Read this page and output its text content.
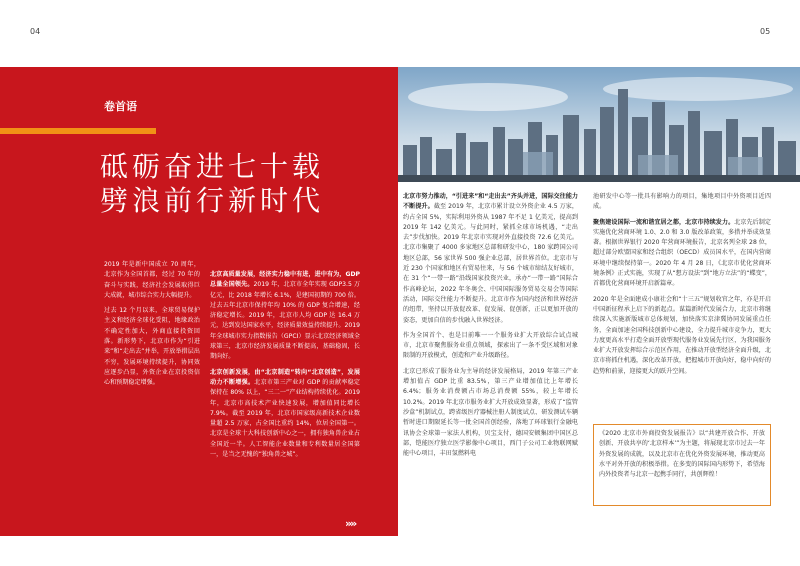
04	05
卷首语
砥砺奋进七十载
劈浪前行新时代

2019 年是新中国成立 70 周年，北京作为全国首都，经过 70 年的奋斗与实践，经济社会发展取得巨大成就，城市综合实力大幅提升。

过去 12 个月以来，全球贸易保护主义和经济全球化受阻，地缘政治不确定性加大，外商直接投资回落。新形势下，北京市作为“引进来”和“走出去”并举，开放举措层出不穷，发展环境持续提升，协同效应逐步凸显，外资企业在京投资信心和预期稳定增强。

北京高质量发展，经济实力稳中有进，进中有为，GDP 总量全国领先。2019 年，北京市全年实现 GDP3.5 万亿元，比 2018 年增长 6.1%，是建国初期的 700 倍。过去五年北京市保持年均 10% 的 GDP 复合增速，经济稳定增长。2019 年，北京市人均 GDP 达 16.4 万元，达到发达国家水平，经济质量效益持续提升。2019 年全球城市实力指数报告（GPCI）显示北京经济领域全球第三，北京市经济发展质量不断提高，基础稳固，长期向好。

北京创新发展，由“北京制造”转向“北京创造”，发展动力不断增强。北京市第三产业对 GDP 的贡献率稳定保持在 80% 以上，“三二一”产业结构持续优化。2019 年，北京市高技术产业快速发展，增加值同比增长 7.9%。截至 2019 年，北京市国家级高新技术企业数量超 2.5 万家，占全国比重约 14%，位居全国第一。北京是全球十大科技创新中心之一，拥有独角兽企业占全国近一半。人工智能企业数量和专利数量居全国第一，是当之无愧的“独角兽之城”。

»»

北京市努力推动，“引进来”和“走出去”齐头并进，国际交往能力不断提升。截至 2019 年，北京市累计设立外资企业 4.5 万家，约占全国 5%，实际利用外资从 1987 年不足 1 亿美元，提高到 2019 年 142 亿美元。与此同时，紧抓全球市场机遇，“走出去”步伐加快。2019 年北京市实现对外直接投资 72.6 亿美元。北京市集聚了 4000 多家地区总部和研发中心，180 家跨国公司地区总部，56 家世界 500 强企业总部，居世界首位。北京市与近 230 个国家和地区有贸易往来，与 56 个城市缔结友好城市，在 31 个“一带一路”沿线国家投资兴业，承办“一带一路”国际合作高峰论坛，2022 年冬奥会、中国国际服务贸易交易会等国际活动，国际交往能力不断提升。北京市作为国内经济和世界经济的纽带，坚持以开放促改革、促发展、促创新，正以更加开放的姿态，更加自信的步伐融入世界经济。

作为全国首个、也是目前唯一一个服务业扩大开放综合试点城市，北京市聚焦服务业重点领域，探索出了一条不受区域和对象限制的开放模式，创造和产业升级路径。

北京已形成了服务业为主导的经济发展格局，2019 年第三产业增加值占 GDP 比重 83.5%，第三产业增加值比上年增长 6.4%；服务业消费额占市场总消费额 55%，较上年增长 10.2%。2019 年北京市服务业扩大开放成效显著，形成了“监管沙盒”机制试点，跨省级医疗器械注册人制度试点、研发测试车辆暂时进口期限延长等一批全国首创经验，落地了环球银行金融电讯协会全球第一家法人机构，贝宝支付，德国安顿集团中国区总部，铠能医疗独立医学影像中心项目，西门子公司工业物联网赋能中心项目，丰田氢燃料电

池研发中心等一批具有影响力的项目，集地项目中外资项目近四成。

聚焦建设国际一流和谐宜居之都，北京市持续发力。北京先后制定实施优化营商环境 1.0、2.0 和 3.0 版改革政策，多措并举成效显著。根据世界银行 2020 年营商环境报告，北京名列全球 28 位，超过部分欧盟国家和经合组织（OECD）成员国水平，在国内营商环境中继续保持第一。2020 年 4 月 28 日，《北京市优化营商环境条例》正式实施，实现了从“想方设法”到“地方立法”的“蝶变”，首都优化营商环境开启新篇章。

2020 年是全面建成小康社会和“十三五”规划收官之年，亦是开启中国新征程承上启下的新起点。谋篇新时代发展合力，北京市将继续深入实施新版城市总体规划，加快落实京津冀协同发展重点任务，全面加速全国科技创新中心建设，全力提升城市竞争力，更大力度更高水平打造全面开放型现代服务业发展先行区，为我国服务业扩大开放发挥综合示范区作用，在推动开放型经济全面升级，北京市将抓住机遇，深化改革开放，把握城市开放向好，稳中向好的趋势和前景，迎接更大的跃升空间。

《2020 北京市外商投资发展报告》以“共建开放合作、开放创新、开放共享的‘北京样本’”为主题，将展现北京市过去一年外资发展的成就，以及北京市在优化外资发展环境，推动更高水平对外开放的积极举措。在多变的国际国内形势下，希望海内外投资者与北京一起携手同行，共创辉煌！
